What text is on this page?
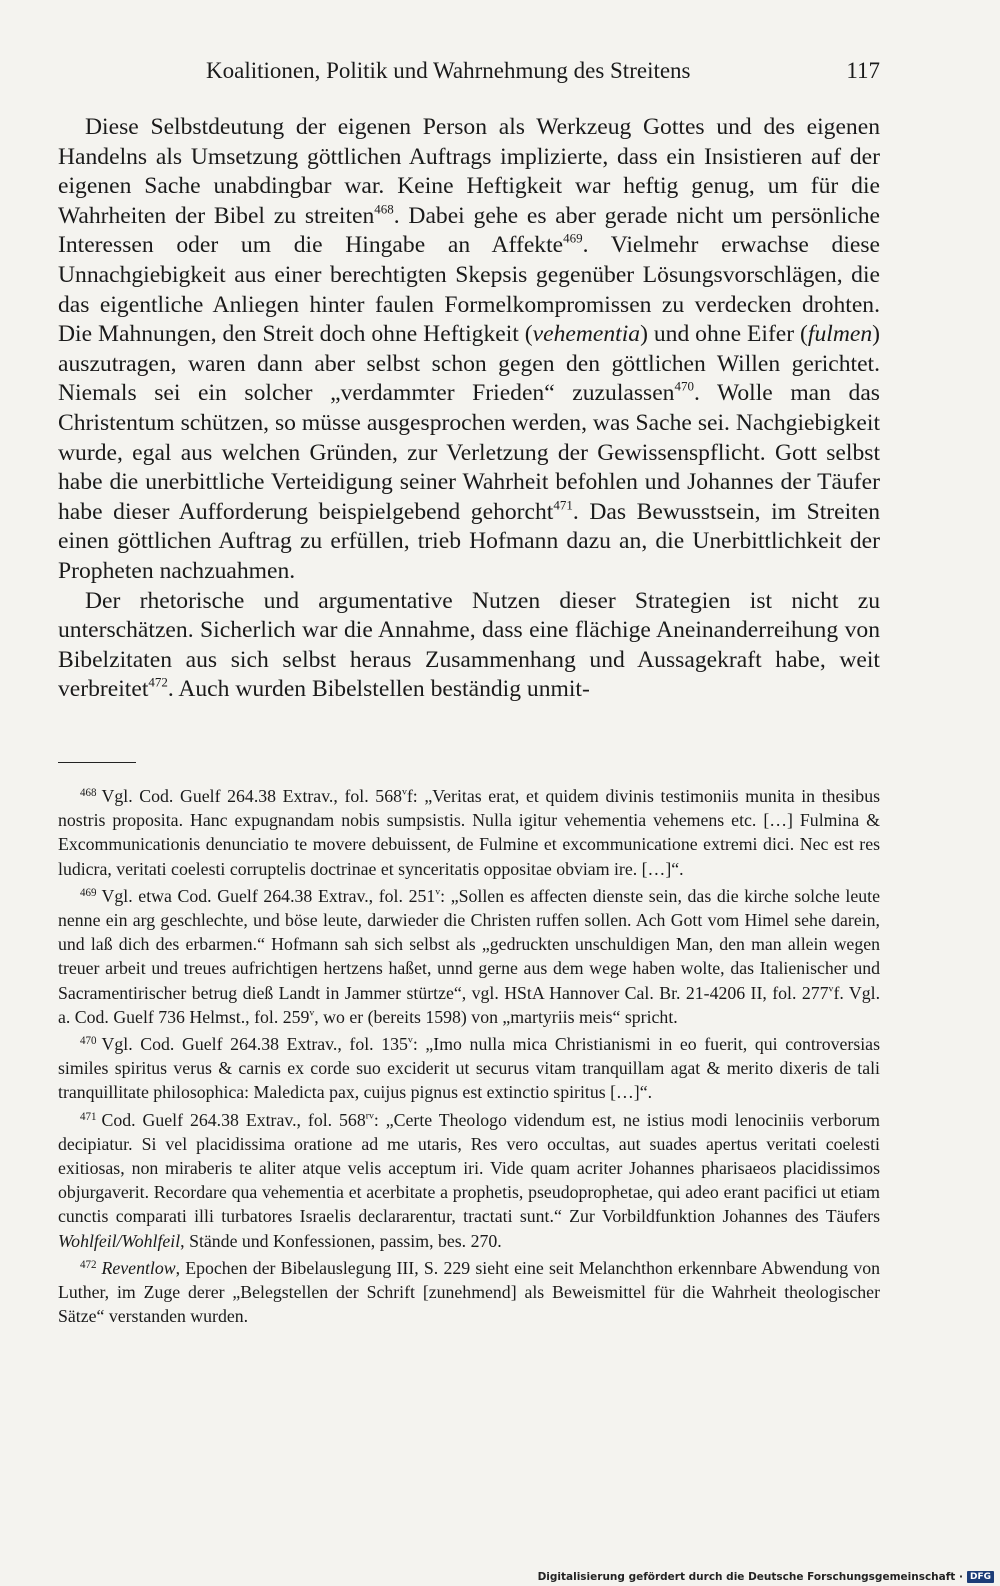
Koalitionen, Politik und Wahrnehmung des Streitens	117

Diese Selbstdeutung der eigenen Person als Werkzeug Gottes und des eigenen Handelns als Umsetzung göttlichen Auftrags implizierte, dass ein Insistieren auf der eigenen Sache unabdingbar war. Keine Heftigkeit war heftig genug, um für die Wahrheiten der Bibel zu streiten$^{468}$. Dabei gehe es aber gerade nicht um persönliche Interessen oder um die Hingabe an Affekte$^{469}$. Vielmehr erwachse diese Unnachgiebigkeit aus einer berechtigten Skepsis gegenüber Lösungsvorschlägen, die das eigentliche Anliegen hinter faulen Formelkompromissen zu verdecken drohten. Die Mahnungen, den Streit doch ohne Heftigkeit (vehementia) und ohne Eifer (fulmen) auszutragen, waren dann aber selbst schon gegen den göttlichen Willen gerichtet. Niemals sei ein solcher „verdammter Frieden“ zuzulassen$^{470}$. Wolle man das Christentum schützen, so müsse ausgesprochen werden, was Sache sei. Nachgiebigkeit wurde, egal aus welchen Gründen, zur Verletzung der Gewissenspflicht. Gott selbst habe die unerbittliche Verteidigung seiner Wahrheit befohlen und Johannes der Täufer habe dieser Aufforderung beispielgebend gehorcht$^{471}$. Das Bewusstsein, im Streiten einen göttlichen Auftrag zu erfüllen, trieb Hofmann dazu an, die Unerbittlichkeit der Propheten nachzuahmen.

Der rhetorische und argumentative Nutzen dieser Strategien ist nicht zu unterschätzen. Sicherlich war die Annahme, dass eine flächige Aneinanderreihung von Bibelzitaten aus sich selbst heraus Zusammenhang und Aussagekraft habe, weit verbreitet$^{472}$. Auch wurden Bibelstellen beständig unmit-

$^{468}$ Vgl. Cod. Guelf 264.38 Extrav., fol. 568$^v$f: „Veritas erat, et quidem divinis testimoniis munita in thesibus nostris proposita. Hanc expugnandam nobis sumpsistis. Nulla igitur vehementia vehemens etc. […] Fulmina & Excommunicationis denunciatio te movere debuissent, de Fulmine et excommunicatione extremi dici. Nec est res ludicra, veritati coelesti corruptelis doctrinae et synceritatis oppositae obviam ire. […]“.

$^{469}$ Vgl. etwa Cod. Guelf 264.38 Extrav., fol. 251$^v$: „Sollen es affecten dienste sein, das die kirche solche leute nenne ein arg geschlechte, und böse leute, darwieder die Christen ruffen sollen. Ach Gott vom Himel sehe darein, und laß dich des erbarmen.“ Hofmann sah sich selbst als „gedruckten unschuldigen Man, den man allein wegen treuer arbeit und treues aufrichtigen hertzens haßet, unnd gerne aus dem wege haben wolte, das Italienischer und Sacramentirischer betrug dieß Landt in Jammer stürtze“, vgl. HStA Hannover Cal. Br. 21-4206 II, fol. 277$^v$f. Vgl. a. Cod. Guelf 736 Helmst., fol. 259$^v$, wo er (bereits 1598) von „martyriis meis“ spricht.

$^{470}$ Vgl. Cod. Guelf 264.38 Extrav., fol. 135$^v$: „Imo nulla mica Christianismi in eo fuerit, qui controversias similes spiritus verus & carnis ex corde suo exciderit ut securus vitam tranquillam agat & merito dixeris de tali tranquillitate philosophica: Maledicta pax, cuijus pignus est extinctio spiritus […]“.

$^{471}$ Cod. Guelf 264.38 Extrav., fol. $568^{rv}$: „Certe Theologo videndum est, ne istius modi lenociniis verborum decipiatur. Si vel placidissima oratione ad me utaris, Res vero occultas, aut suades apertus veritati coelesti exitiosas, non miraberis te aliter atque velis acceptum iri. Vide quam acriter Johannes pharisaeos placidissimos objurgaverit. Recordare qua vehementia et acerbitate a prophetis, pseudoprophetae, qui adeo erant pacifici ut etiam cunctis comparati illi turbatores Israelis declararentur, tractati sunt.“ Zur Vorbildfunktion Johannes des Täufers Wohlfeil/Wohlfeil, Stände und Konfessionen, passim, bes. 270.

$^{472}$ Reventlow, Epochen der Bibelauslegung III, S. 229 sieht eine seit Melanchthon erkennbare Abwendung von Luther, im Zuge derer „Belegstellen der Schrift [zunehmend] als Beweismittel für die Wahrheit theologischer Sätze“ verstanden wurden.

Digitalisierung gefördert durch die Deutsche Forschungsgemeinschaft · DFG
